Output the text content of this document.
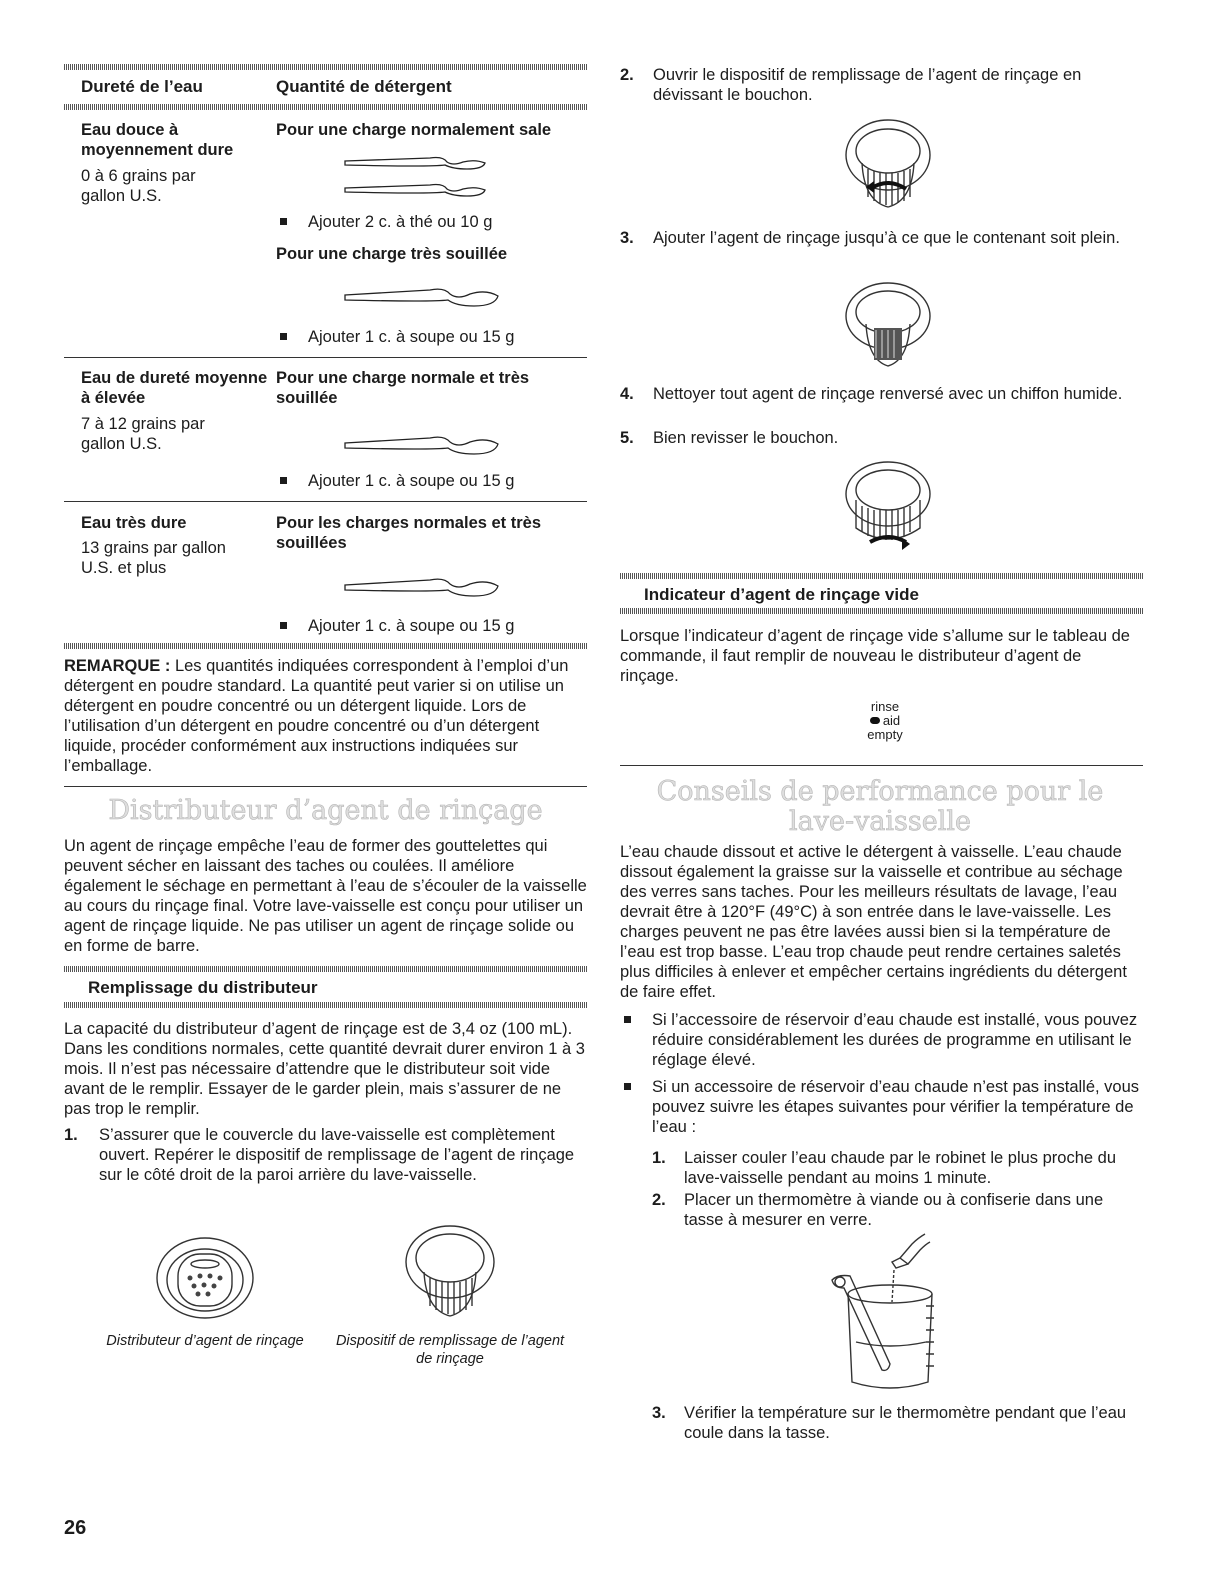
Dureté de l’eau	Quantité de détergent
Eau douce à moyennement dure
0 à 6 grains par gallon U.S.
Pour une charge normalement sale
Ajouter 2 c. à thé ou 10 g
Pour une charge très souillée
Ajouter 1 c. à soupe ou 15 g
Eau de dureté moyenne à élevée
7 à 12 grains par gallon U.S.
Pour une charge normale et très souillée
Ajouter 1 c. à soupe ou 15 g
Eau très dure
13 grains par gallon U.S. et plus
Pour les charges normales et très souillées
Ajouter 1 c. à soupe ou 15 g
REMARQUE : Les quantités indiquées correspondent à l’emploi d’un détergent en poudre standard. La quantité peut varier si on utilise un détergent en poudre concentré ou un détergent liquide. Lors de l’utilisation d’un détergent en poudre concentré ou d’un détergent liquide, procéder conformément aux instructions indiquées sur l’emballage.
Distributeur d’agent de rinçage
Un agent de rinçage empêche l’eau de former des gouttelettes qui peuvent sécher en laissant des taches ou coulées. Il améliore également le séchage en permettant à l’eau de s’écouler de la vaisselle au cours du rinçage final. Votre lave-vaisselle est conçu pour utiliser un agent de rinçage liquide. Ne pas utiliser un agent de rinçage solide ou en forme de barre.
Remplissage du distributeur
La capacité du distributeur d’agent de rinçage est de 3,4 oz (100 mL). Dans les conditions normales, cette quantité devrait durer environ 1 à 3 mois. Il n’est pas nécessaire d’attendre que le distributeur soit vide avant de le remplir. Essayer de le garder plein, mais s’assurer de ne pas trop le remplir.
1. S’assurer que le couvercle du lave-vaisselle est complètement ouvert. Repérer le dispositif de remplissage de l’agent de rinçage sur le côté droit de la paroi arrière du lave-vaisselle.
Distributeur d’agent de rinçage	Dispositif de remplissage de l’agent de rinçage
26
2. Ouvrir le dispositif de remplissage de l’agent de rinçage en dévissant le bouchon.
3. Ajouter l’agent de rinçage jusqu’à ce que le contenant soit plein.
4. Nettoyer tout agent de rinçage renversé avec un chiffon humide.
5. Bien revisser le bouchon.
Indicateur d’agent de rinçage vide
Lorsque l’indicateur d’agent de rinçage vide s’allume sur le tableau de commande, il faut remplir de nouveau le distributeur d’agent de rinçage.
rinse
aid
empty
Conseils de performance pour le lave-vaisselle
L’eau chaude dissout et active le détergent à vaisselle. L’eau chaude dissout également la graisse sur la vaisselle et contribue au séchage des verres sans taches. Pour les meilleurs résultats de lavage, l’eau devrait être à 120°F (49°C) à son entrée dans le lave-vaisselle. Les charges peuvent ne pas être lavées aussi bien si la température de l’eau est trop basse. L’eau trop chaude peut rendre certaines saletés plus difficiles à enlever et empêcher certains ingrédients du détergent de faire effet.
Si l’accessoire de réservoir d’eau chaude est installé, vous pouvez réduire considérablement les durées de programme en utilisant le réglage élevé.
Si un accessoire de réservoir d’eau chaude n’est pas installé, vous pouvez suivre les étapes suivantes pour vérifier la température de l’eau :
1. Laisser couler l’eau chaude par le robinet le plus proche du lave-vaisselle pendant au moins 1 minute.
2. Placer un thermomètre à viande ou à confiserie dans une tasse à mesurer en verre.
3. Vérifier la température sur le thermomètre pendant que l’eau coule dans la tasse.
